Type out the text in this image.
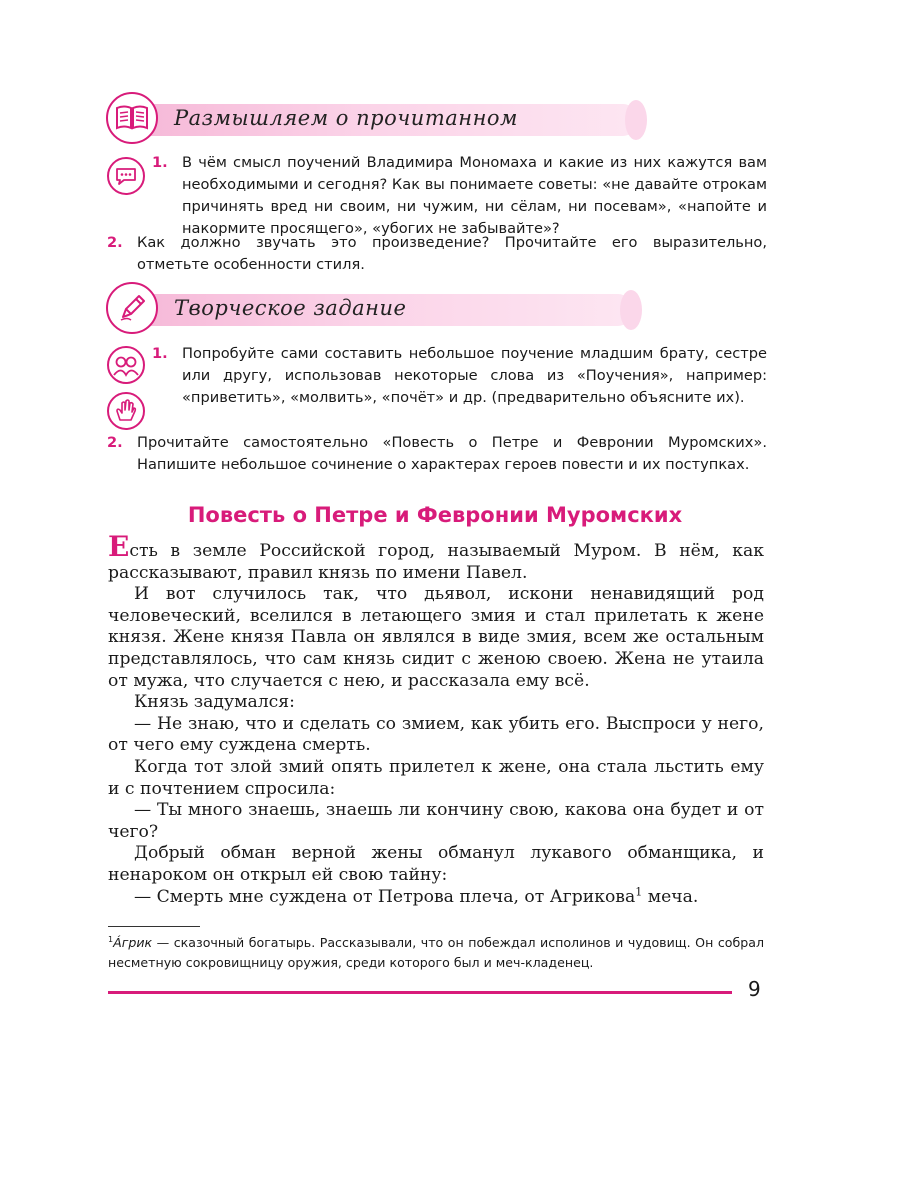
Размышляем о прочитанном
1. В чём смысл поучений Владимира Мономаха и какие из них кажутся вам необходимыми и сегодня? Как вы понимаете советы: «не давайте отрокам причинять вред ни своим, ни чужим, ни сёлам, ни посевам», «напойте и накормите просящего», «убогих не забывайте»?
2. Как должно звучать это произведение? Прочитайте его выразительно, отметьте особенности стиля.
Творческое задание
1. Попробуйте сами составить небольшое поучение младшим брату, сестре или другу, использовав некоторые слова из «Поучения», например: «приветить», «молвить», «почёт» и др. (предварительно объясните их).
2. Прочитайте самостоятельно «Повесть о Петре и Февронии Муромских». Напишите небольшое сочинение о характерах героев повести и их поступках.
Повесть о Петре и Февронии Муромских

Есть в земле Российской город, называемый Муром. В нём, как рассказывают, правил князь по имени Павел.

И вот случилось так, что дьявол, искони ненавидящий род человеческий, вселился в летающего змия и стал прилетать к жене князя. Жене князя Павла он являлся в виде змия, всем же остальным представлялось, что сам князь сидит с женою своею. Жена не утаила от мужа, что случается с нею, и рассказала ему всё.

Князь задумался:

— Не знаю, что и сделать со змием, как убить его. Выспроси у него, от чего ему суждена смерть.

Когда тот злой змий опять прилетел к жене, она стала льстить ему и с почтением спросила:

— Ты много знаешь, знаешь ли кончину свою, какова она будет и от чего?

Добрый обман верной жены обманул лукавого обманщика, и ненароком он открыл ей свою тайну:

— Смерть мне суждена от Петрова плеча, от Агрикова$^1$ меча.

$^1$Áгрик — сказочный богатырь. Рассказывали, что он побеждал исполинов и чудовищ. Он собрал несметную сокровищницу оружия, среди которого был и меч-кладенец.
9
